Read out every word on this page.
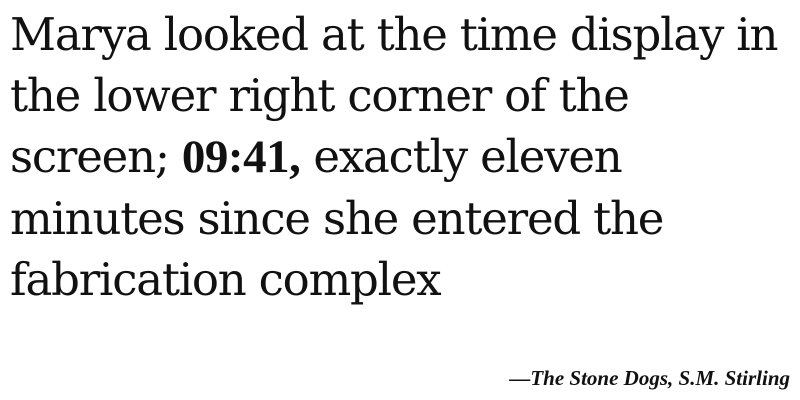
Marya looked at the time display in the lower right corner of the screen; 09:41, exactly eleven minutes since she entered the fabrication complex

—The Stone Dogs, S.M. Stirling
